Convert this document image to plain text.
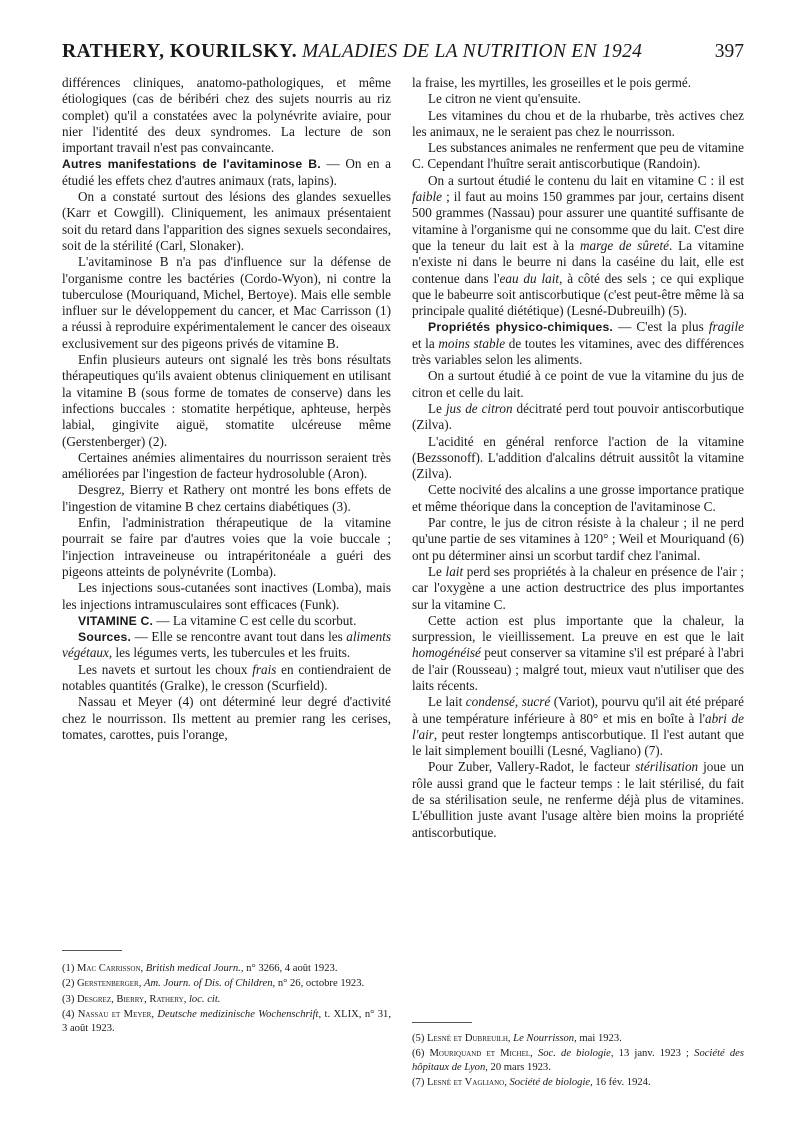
RATHERY, KOURILSKY. MALADIES DE LA NUTRITION EN 1924	397

différences cliniques, anatomo-pathologiques, et même étiologiques (cas de béribéri chez des sujets nourris au riz complet) qu'il a constatées avec la polynévrite aviaire, pour nier l'identité des deux syndromes. La lecture de son important travail n'est pas convaincante.

Autres manifestations de l'avitaminose B. — On en a étudié les effets chez d'autres animaux (rats, lapins).

On a constaté surtout des lésions des glandes sexuelles (Karr et Cowgill). Cliniquement, les animaux présentaient soit du retard dans l'apparition des signes sexuels secondaires, soit de la stérilité (Carl, Slonaker).

L'avitaminose B n'a pas d'influence sur la défense de l'organisme contre les bactéries (Cordo-Wyon), ni contre la tuberculose (Mouriquand, Michel, Bertoye). Mais elle semble influer sur le développement du cancer, et Mac Carrisson (1) a réussi à reproduire expérimentalement le cancer des oiseaux exclusivement sur des pigeons privés de vitamine B.

Enfin plusieurs auteurs ont signalé les très bons résultats thérapeutiques qu'ils avaient obtenus cliniquement en utilisant la vitamine B (sous forme de tomates de conserve) dans les infections buccales : stomatite herpétique, aphteuse, herpès labial, gingivite aiguë, stomatite ulcéreuse même (Gerstenberger) (2).

Certaines anémies alimentaires du nourrisson seraient très améliorées par l'ingestion de facteur hydrosoluble (Aron).

Desgrez, Bierry et Rathery ont montré les bons effets de l'ingestion de vitamine B chez certains diabétiques (3).

Enfin, l'administration thérapeutique de la vitamine pourrait se faire par d'autres voies que la voie buccale ; l'injection intraveineuse ou intrapéritonéale a guéri des pigeons atteints de polynévrite (Lomba).

Les injections sous-cutanées sont inactives (Lomba), mais les injections intramusculaires sont efficaces (Funk).

VITAMINE C. — La vitamine C est celle du scorbut.

Sources. — Elle se rencontre avant tout dans les aliments végétaux, les légumes verts, les tubercules et les fruits.

Les navets et surtout les choux frais en contiendraient de notables quantités (Gralke), le cresson (Scurfield).

Nassau et Meyer (4) ont déterminé leur degré d'activité chez le nourrisson. Ils mettent au premier rang les cerises, tomates, carottes, puis l'orange,

la fraise, les myrtilles, les groseilles et le pois germé.

Le citron ne vient qu'ensuite.

Les vitamines du chou et de la rhubarbe, très actives chez les animaux, ne le seraient pas chez le nourrisson.

Les substances animales ne renferment que peu de vitamine C. Cependant l'huître serait antiscorbutique (Randoin).

On a surtout étudié le contenu du lait en vitamine C : il est faible ; il faut au moins 150 grammes par jour, certains disent 500 grammes (Nassau) pour assurer une quantité suffisante de vitamine à l'organisme qui ne consomme que du lait. C'est dire que la teneur du lait est à la marge de sûreté. La vitamine n'existe ni dans le beurre ni dans la caséine du lait, elle est contenue dans l'eau du lait, à côté des sels ; ce qui explique que le babeurre soit antiscorbutique (c'est peut-être même là sa principale qualité diététique) (Lesné-Dubreuilh) (5).

Propriétés physico-chimiques. — C'est la plus fragile et la moins stable de toutes les vitamines, avec des différences très variables selon les aliments.

On a surtout étudié à ce point de vue la vitamine du jus de citron et celle du lait.

Le jus de citron décitraté perd tout pouvoir antiscorbutique (Zilva).

L'acidité en général renforce l'action de la vitamine (Bezssonoff). L'addition d'alcalins détruit aussitôt la vitamine (Zilva).

Cette nocivité des alcalins a une grosse importance pratique et même théorique dans la conception de l'avitaminose C.

Par contre, le jus de citron résiste à la chaleur ; il ne perd qu'une partie de ses vitamines à 120° ; Weil et Mouriquand (6) ont pu déterminer ainsi un scorbut tardif chez l'animal.

Le lait perd ses propriétés à la chaleur en présence de l'air ; car l'oxygène a une action destructrice des plus importantes sur la vitamine C.

Cette action est plus importante que la chaleur, la surpression, le vieillissement. La preuve en est que le lait homogénéisé peut conserver sa vitamine s'il est préparé à l'abri de l'air (Rousseau) ; malgré tout, mieux vaut n'utiliser que des laits récents.

Le lait condensé, sucré (Variot), pourvu qu'il ait été préparé à une température inférieure à 80° et mis en boîte à l'abri de l'air, peut rester longtemps antiscorbutique. Il l'est autant que le lait simplement bouilli (Lesné, Vagliano) (7).

Pour Zuber, Vallery-Radot, le facteur stérilisation joue un rôle aussi grand que le facteur temps : le lait stérilisé, du fait de sa stérilisation seule, ne renferme déjà plus de vitamines. L'ébullition juste avant l'usage altère bien moins la propriété antiscorbutique.

(1) Mac Carrisson, British medical Journ., n° 3266, 4 août 1923.
(2) Gerstenberger, Am. Journ. of Dis. of Children, n° 26, octobre 1923.
(3) Desgrez, Bierry, Rathery, loc. cit.
(4) Nassau et Meyer, Deutsche medizinische Wochenschrift, t. XLIX, n° 31, 3 août 1923.
(5) Lesné et Dubreuilh, Le Nourrisson, mai 1923.
(6) Mouriquand et Michel, Soc. de biologie, 13 janv. 1923 ; Société des hôpitaux de Lyon, 20 mars 1923.
(7) Lesné et Vagliano, Société de biologie, 16 fév. 1924.
